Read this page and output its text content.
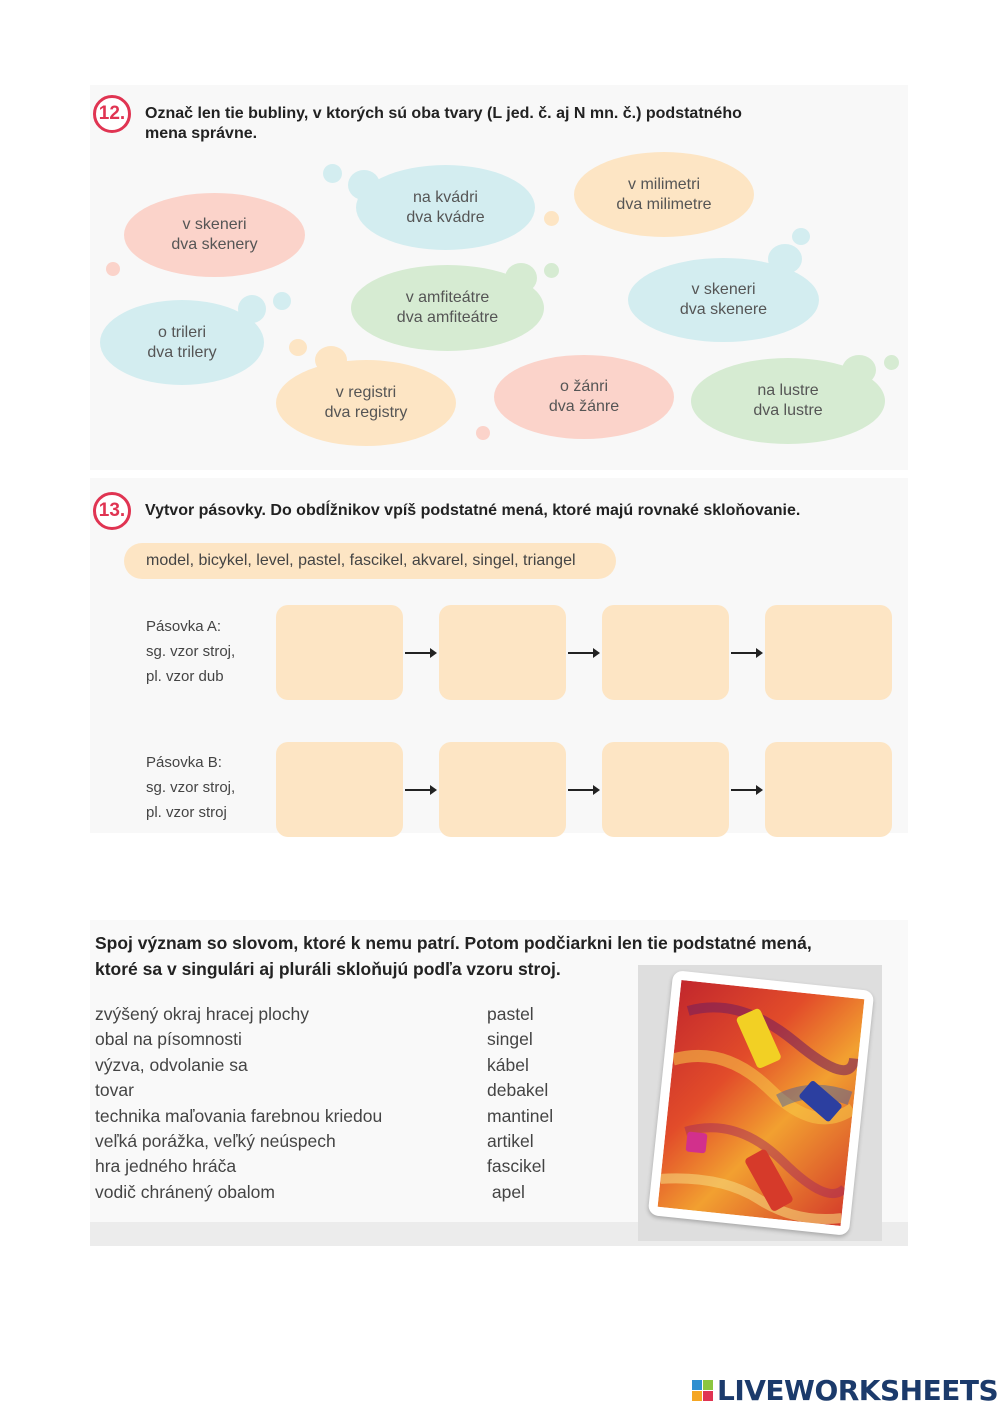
12.	Označ len tie bubliny, v ktorých sú oba tvary (L jed. č. aj N mn. č.) podstatného
mena správne.
v skeneri
dva skenery
na kvádri
dva kvádre
v milimetri
dva milimetre
v amfiteátre
dva amfiteátre
v skeneri
dva skenere
o trileri
dva trilery
v registri
dva registry
o žánri
dva žánre
na lustre
dva lustre
13.	Vytvor pásovky. Do obdĺžnikov vpíš podstatné mená, ktoré majú rovnaké skloňovanie.
model, bicykel, level, pastel, fascikel, akvarel, singel, triangel
Pásovka A:
sg. vzor stroj,
pl. vzor dub
Pásovka B:
sg. vzor stroj,
pl. vzor stroj
Spoj význam so slovom, ktoré k nemu patrí. Potom podčiarkni len tie podstatné mená,
ktoré sa v singulári aj pluráli skloňujú podľa vzoru stroj.
zvýšený okraj hracej plochy
obal na písomnosti
výzva, odvolanie sa
tovar
technika maľovania farebnou kriedou
veľká porážka, veľký neúspech
hra jedného hráča
vodič chránený obalom
pastel
singel
kábel
debakel
mantinel
artikel
fascikel
apel
LIVEWORKSHEETS
